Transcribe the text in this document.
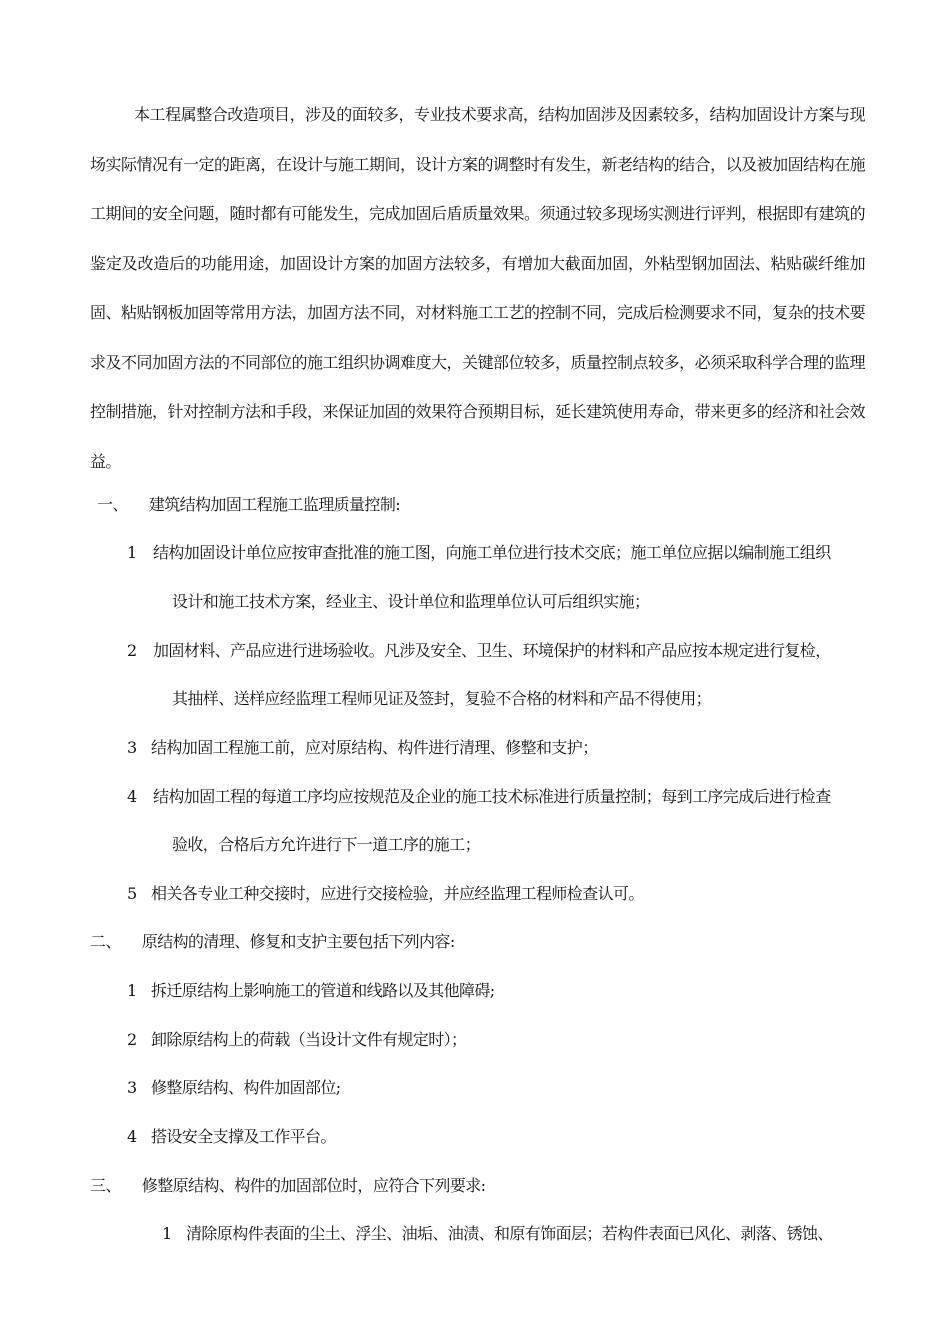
本工程属整合改造项目，涉及的面较多，专业技术要求高，结构加固涉及因素较多，结构加固设计方案与现场实际情况有一定的距离，在设计与施工期间，设计方案的调整时有发生，新老结构的结合，以及被加固结构在施工期间的安全问题，随时都有可能发生，完成加固后盾质量效果。须通过较多现场实测进行评判，根据即有建筑的鉴定及改造后的功能用途，加固设计方案的加固方法较多，有增加大截面加固，外粘型钢加固法、粘贴碳纤维加固、粘贴钢板加固等常用方法，加固方法不同，对材料施工工艺的控制不同，完成后检测要求不同，复杂的技术要求及不同加固方法的不同部位的施工组织协调难度大，关键部位较多，质量控制点较多，必须采取科学合理的监理控制措施，针对控制方法和手段，来保证加固的效果符合预期目标，延长建筑使用寿命，带来更多的经济和社会效益。

一、 建筑结构加固工程施工监理质量控制:
1 结构加固设计单位应按审查批准的施工图，向施工单位进行技术交底；施工单位应据以编制施工组织
设计和施工技术方案，经业主、设计单位和监理单位认可后组织实施；
2 加固材料、产品应进行进场验收。凡涉及安全、卫生、环境保护的材料和产品应按本规定进行复检，
其抽样、送样应经监理工程师见证及签封，复验不合格的材料和产品不得使用；
3 结构加固工程施工前，应对原结构、构件进行清理、修整和支护；
4 结构加固工程的每道工序均应按规范及企业的施工技术标准进行质量控制；每到工序完成后进行检查
验收，合格后方允许进行下一道工序的施工；
5 相关各专业工种交接时，应进行交接检验，并应经监理工程师检查认可。
二、 原结构的清理、修复和支护主要包括下列内容:
1 拆迁原结构上影响施工的管道和线路以及其他障碍;
2 卸除原结构上的荷载（当设计文件有规定时）；
3 修整原结构、构件加固部位;
4 搭设安全支撑及工作平台。
三、 修整原结构、构件的加固部位时，应符合下列要求:
1 清除原构件表面的尘土、浮尘、油垢、油渍、和原有饰面层；若构件表面已风化、剥落、锈蚀、
